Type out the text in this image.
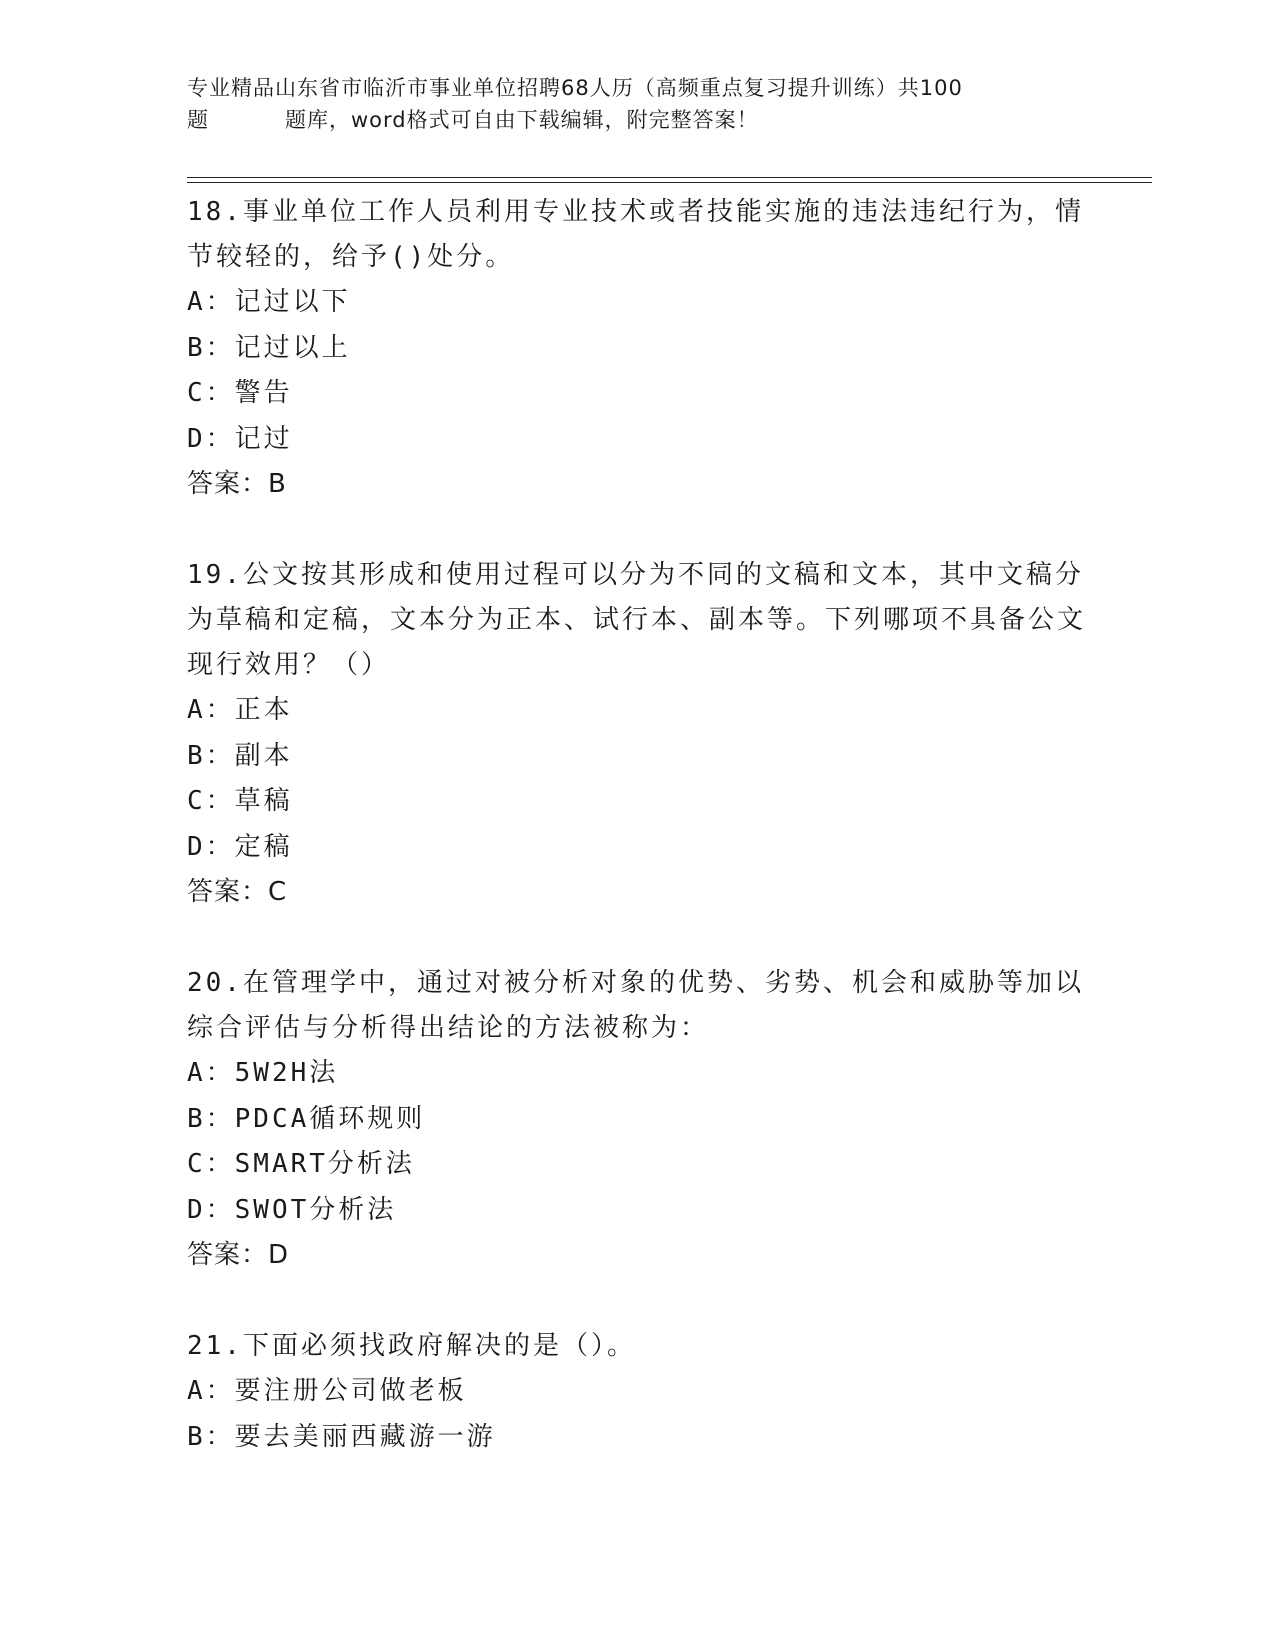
专业精品山东省市临沂市事业单位招聘68人历（高频重点复习提升训练）共100
题	题库，word格式可自由下载编辑，附完整答案！
18.事业单位工作人员利用专业技术或者技能实施的违法违纪行为，情节较轻的，给予()处分。
A： 记过以下
B： 记过以上
C： 警告
D： 记过
答案：B
19.公文按其形成和使用过程可以分为不同的文稿和文本，其中文稿分为草稿和定稿，文本分为正本、试行本、副本等。下列哪项不具备公文现行效用？（）
A： 正本
B： 副本
C： 草稿
D： 定稿
答案：C
20.在管理学中，通过对被分析对象的优势、劣势、机会和威胁等加以综合评估与分析得出结论的方法被称为：
A： 5W2H法
B： PDCA循环规则
C： SMART分析法
D： SWOT分析法
答案：D
21.下面必须找政府解决的是（）。
A： 要注册公司做老板
B： 要去美丽西藏游一游
